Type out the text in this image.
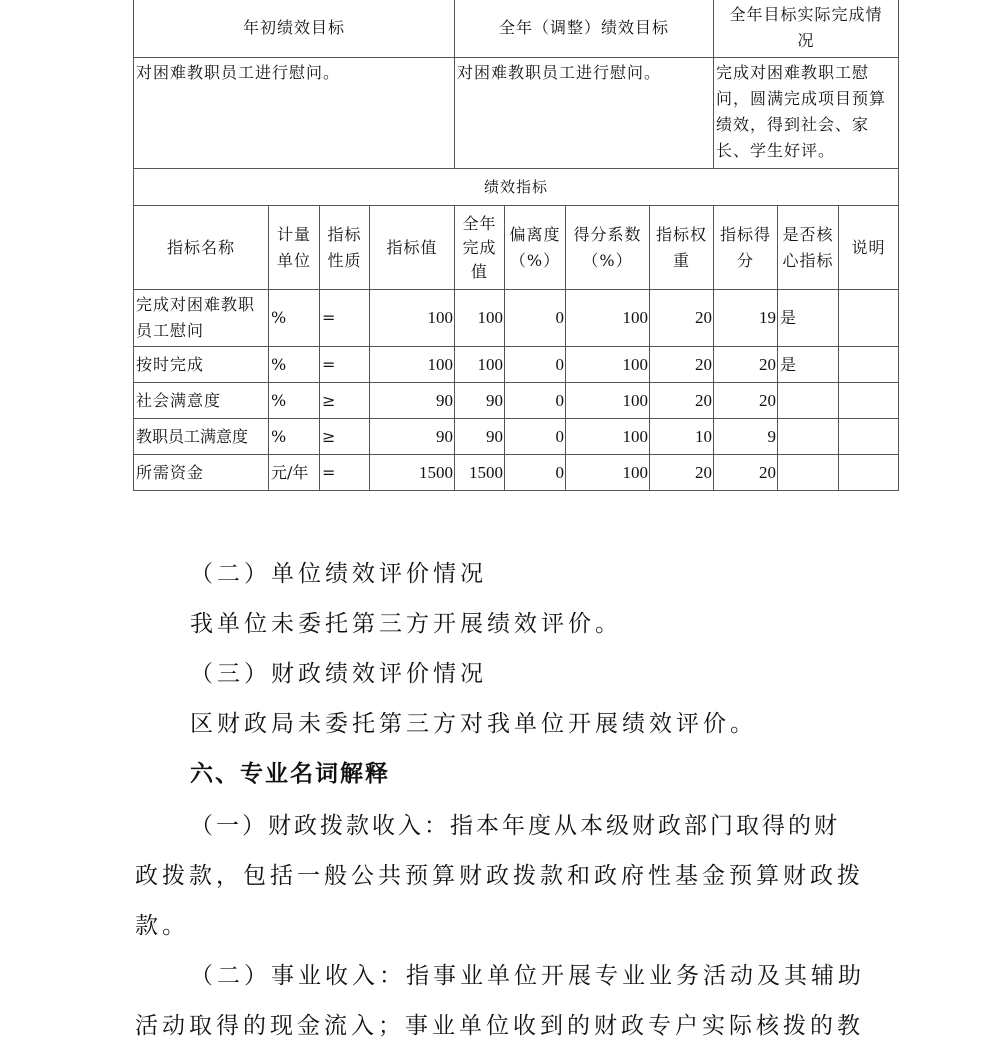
年初绩效目标				全年（调整）绩效目标				全年目标实际完成情况		
对困难教职员工进行慰问。				对困难教职员工进行慰问。				完成对困难教职工慰问，圆满完成项目预算绩效，得到社会、家长、学生好评。		
绩效指标										
指标名称	计量单位	指标性质	指标值	全年完成值	偏离度（%）	得分系数（%）	指标权重	指标得分	是否核心指标	说明
完成对困难教职员工慰问	%	=	100	100	0	100	20	19	是	
按时完成	%	=	100	100	0	100	20	20	是	
社会满意度	%	≥	90	90	0	100	20	20		
教职员工满意度	%	≥	90	90	0	100	10	9		
所需资金	元/年	=	1500	1500	0	100	20	20		
（二）单位绩效评价情况
我单位未委托第三方开展绩效评价。
（三）财政绩效评价情况
区财政局未委托第三方对我单位开展绩效评价。
六、专业名词解释
（一）财政拨款收入：指本年度从本级财政部门取得的财
政拨款，包括一般公共预算财政拨款和政府性基金预算财政拨
款。
（二）事业收入：指事业单位开展专业业务活动及其辅助
活动取得的现金流入；事业单位收到的财政专户实际核拨的教
